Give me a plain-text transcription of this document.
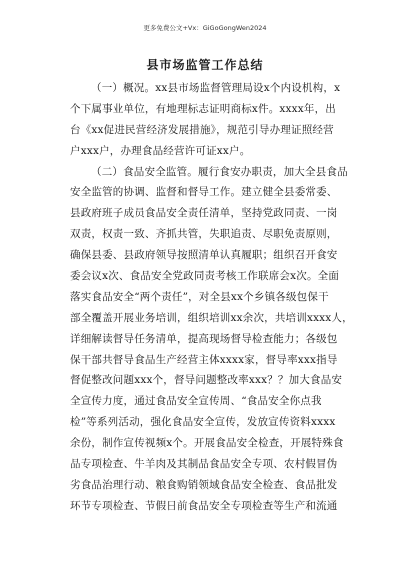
更多免费公文+Vx：GiGoGongWen2024
县市场监管工作总结
（一）概况。xx县市场监督管理局设x个内设机构，x
个下属事业单位，有地理标志证明商标x件。xxxx年，出
台《xx促进民营经济发展措施》，规范引导办理证照经营
户xxx户，办理食品经营许可证xx户。
（二）食品安全监管。履行食安办职责，加大全县食品
安全监管的协调、监督和督导工作。建立健全县委常委、
县政府班子成员食品安全责任清单，坚持党政同责、一岗
双责，权责一致、齐抓共管，失职追责、尽职免责原则，
确保县委、县政府领导按照清单认真履职；组织召开食安
委会议x次、食品安全党政同责考核工作联席会x次。全面
落实食品安全“两个责任”，对全县xx个乡镇各级包保干
部全覆盖开展业务培训，组织培训xx余次，共培训xxxx人，
详细解读督导任务清单，提高现场督导检查能力；各级包
保干部共督导食品生产经营主体xxxx家，督导率xxx指导
督促整改问题xxx个，督导问题整改率xxx？？加大食品安
全宣传力度，通过食品安全宣传周、“食品安全你点我
检”等系列活动，强化食品安全宣传，发放宣传资料xxxx
余份，制作宣传视频x个。开展食品安全检查，开展特殊食
品专项检查、牛羊肉及其制品食品安全专项、农村假冒伪
劣食品治理行动、粮食购销领域食品安全检查、食品批发
环节专项检查、节假日前食品安全专项检查等生产和流通
